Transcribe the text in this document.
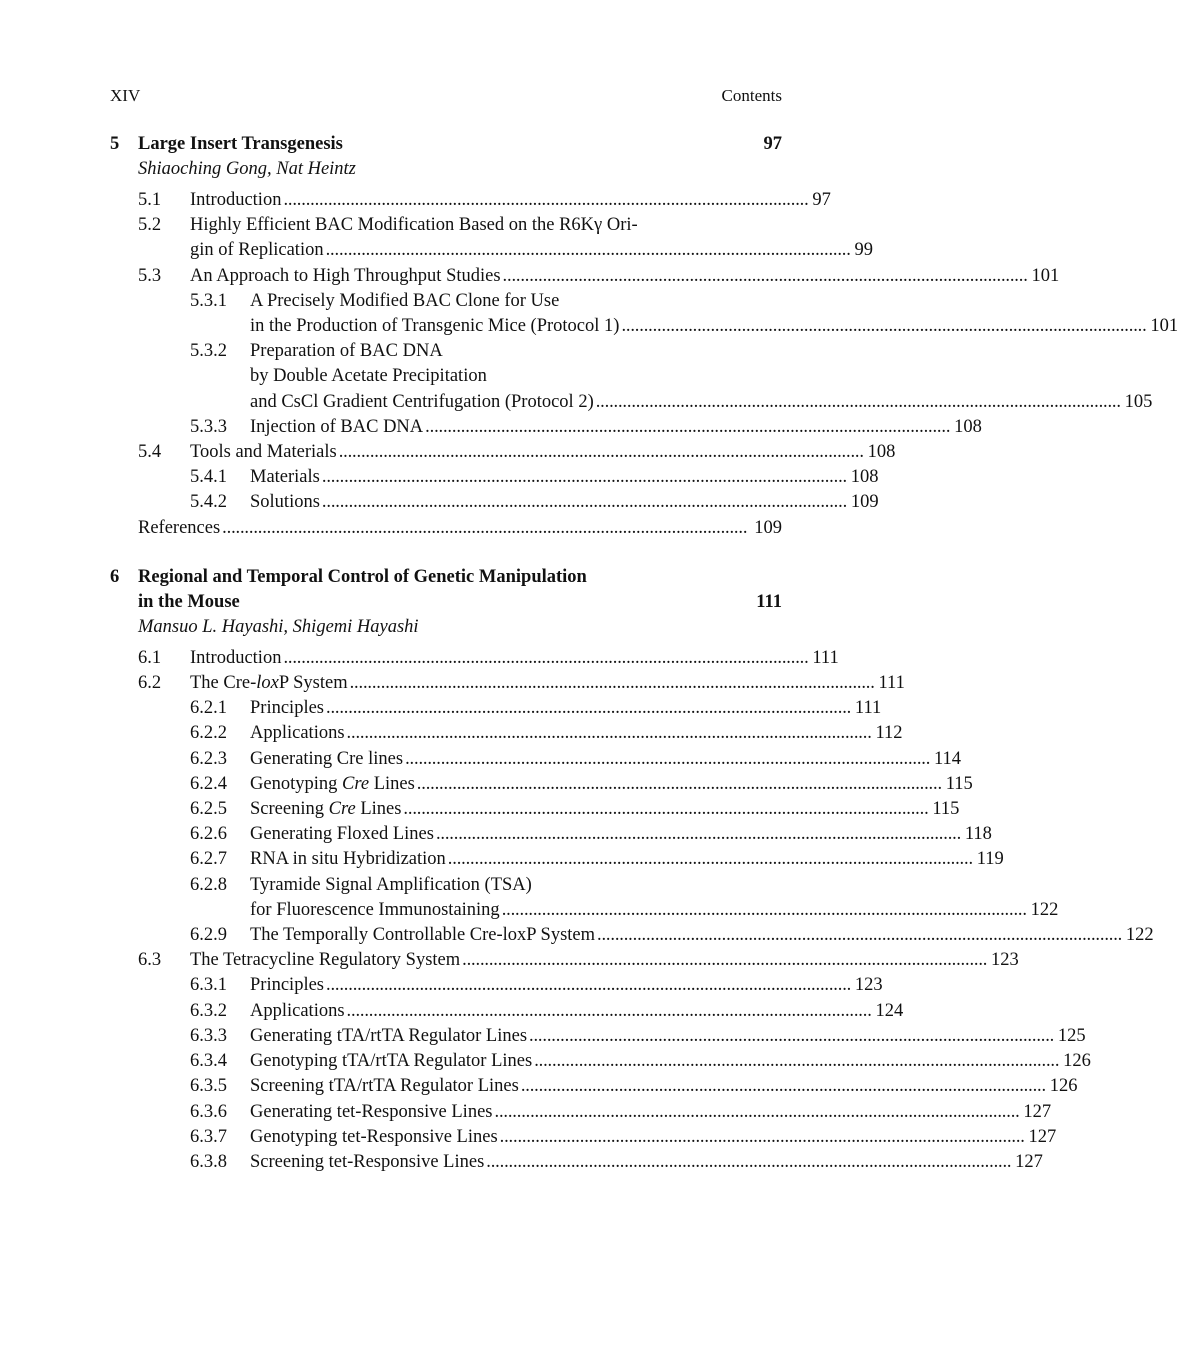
XIV	Contents
5	Large Insert Transgenesis	97
Shiaoching Gong, Nat Heintz
5.1	Introduction . . .	97
5.2	Highly Efficient BAC Modification Based on the R6Kγ Ori-
gin of Replication . . .	99
5.3	An Approach to High Throughput Studies . . .	101
5.3.1	A Precisely Modified BAC Clone for Use
in the Production of Transgenic Mice (Protocol 1) . . .	101
5.3.2	Preparation of BAC DNA
by Double Acetate Precipitation
and CsCl Gradient Centrifugation (Protocol 2) . . .	105
5.3.3	Injection of BAC DNA . . .	108
5.4	Tools and Materials . . .	108
5.4.1	Materials . . .	108
5.4.2	Solutions . . .	109
References . . .	109
6	Regional and Temporal Control of Genetic Manipulation
in the Mouse	111
Mansuo L. Hayashi, Shigemi Hayashi
6.1	Introduction . . .	111
6.2	The Cre-loxP System . . .	111
6.2.1	Principles . . .	111
6.2.2	Applications . . .	112
6.2.3	Generating Cre lines . . .	114
6.2.4	Genotyping Cre Lines . . .	115
6.2.5	Screening Cre Lines . . .	115
6.2.6	Generating Floxed Lines . . .	118
6.2.7	RNA in situ Hybridization . . .	119
6.2.8	Tyramide Signal Amplification (TSA)
for Fluorescence Immunostaining . . .	122
6.2.9	The Temporally Controllable Cre-loxP System . . .	122
6.3	The Tetracycline Regulatory System . . .	123
6.3.1	Principles . . .	123
6.3.2	Applications . . .	124
6.3.3	Generating tTA/rtTA Regulator Lines . . .	125
6.3.4	Genotyping tTA/rtTA Regulator Lines . . .	126
6.3.5	Screening tTA/rtTA Regulator Lines . . .	126
6.3.6	Generating tet-Responsive Lines . . .	127
6.3.7	Genotyping tet-Responsive Lines . . .	127
6.3.8	Screening tet-Responsive Lines . . .	127
